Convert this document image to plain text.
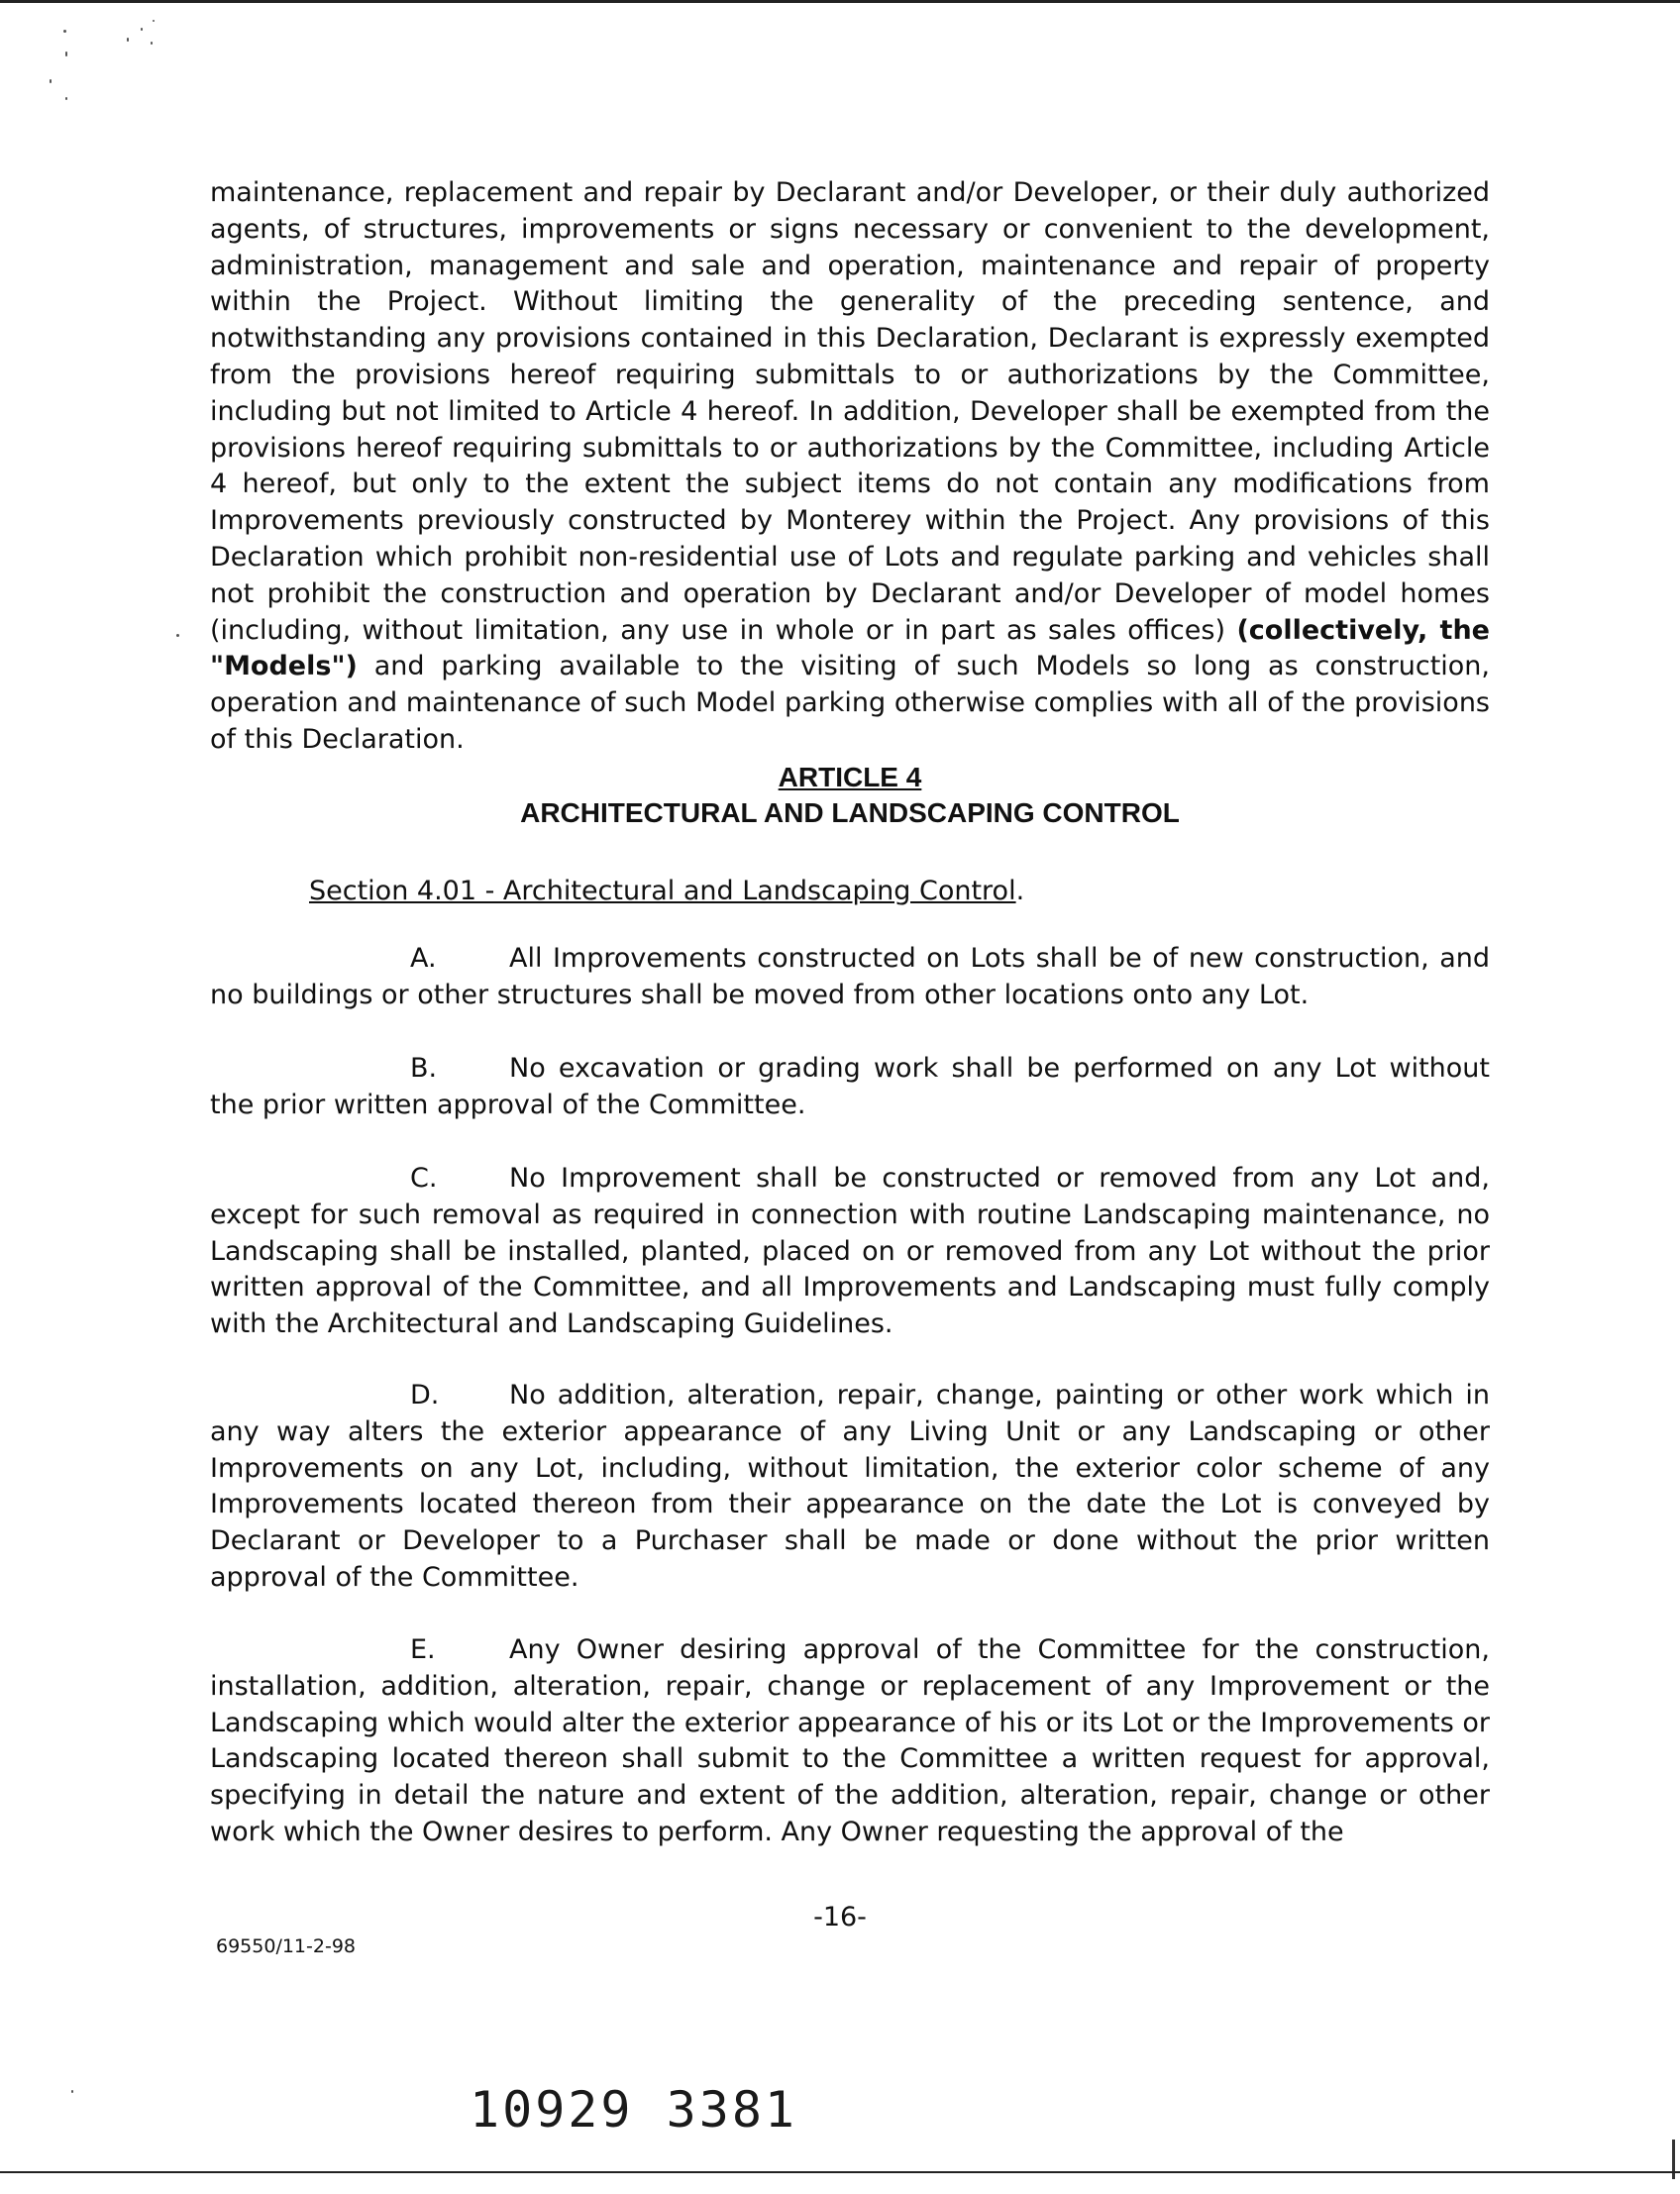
maintenance, replacement and repair by Declarant and/or Developer, or their duly authorized agents, of structures, improvements or signs necessary or convenient to the development, administration, management and sale and operation, maintenance and repair of property within the Project. Without limiting the generality of the preceding sentence, and notwithstanding any provisions contained in this Declaration, Declarant is expressly exempted from the provisions hereof requiring submittals to or authorizations by the Committee, including but not limited to Article 4 hereof. In addition, Developer shall be exempted from the provisions hereof requiring submittals to or authorizations by the Committee, including Article 4 hereof, but only to the extent the subject items do not contain any modifications from Improvements previously constructed by Monterey within the Project. Any provisions of this Declaration which prohibit non-residential use of Lots and regulate parking and vehicles shall not prohibit the construction and operation by Declarant and/or Developer of model homes (including, without limitation, any use in whole or in part as sales offices) (collectively, the "Models") and parking available to the visiting of such Models so long as construction, operation and maintenance of such Model parking otherwise complies with all of the provisions of this Declaration.

ARTICLE 4
ARCHITECTURAL AND LANDSCAPING CONTROL
Section 4.01 - Architectural and Landscaping Control.

A.	All Improvements constructed on Lots shall be of new construction, and no buildings or other structures shall be moved from other locations onto any Lot.

B.	No excavation or grading work shall be performed on any Lot without the prior written approval of the Committee.

C.	No Improvement shall be constructed or removed from any Lot and, except for such removal as required in connection with routine Landscaping maintenance, no Landscaping shall be installed, planted, placed on or removed from any Lot without the prior written approval of the Committee, and all Improvements and Landscaping must fully comply with the Architectural and Landscaping Guidelines.

D.	No addition, alteration, repair, change, painting or other work which in any way alters the exterior appearance of any Living Unit or any Landscaping or other Improvements on any Lot, including, without limitation, the exterior color scheme of any Improvements located thereon from their appearance on the date the Lot is conveyed by Declarant or Developer to a Purchaser shall be made or done without the prior written approval of the Committee.

E.	Any Owner desiring approval of the Committee for the construction, installation, addition, alteration, repair, change or replacement of any Improvement or the Landscaping which would alter the exterior appearance of his or its Lot or the Improvements or Landscaping located thereon shall submit to the Committee a written request for approval, specifying in detail the nature and extent of the addition, alteration, repair, change or other work which the Owner desires to perform. Any Owner requesting the approval of the

-16-
69550/11-2-98
10929 3381
